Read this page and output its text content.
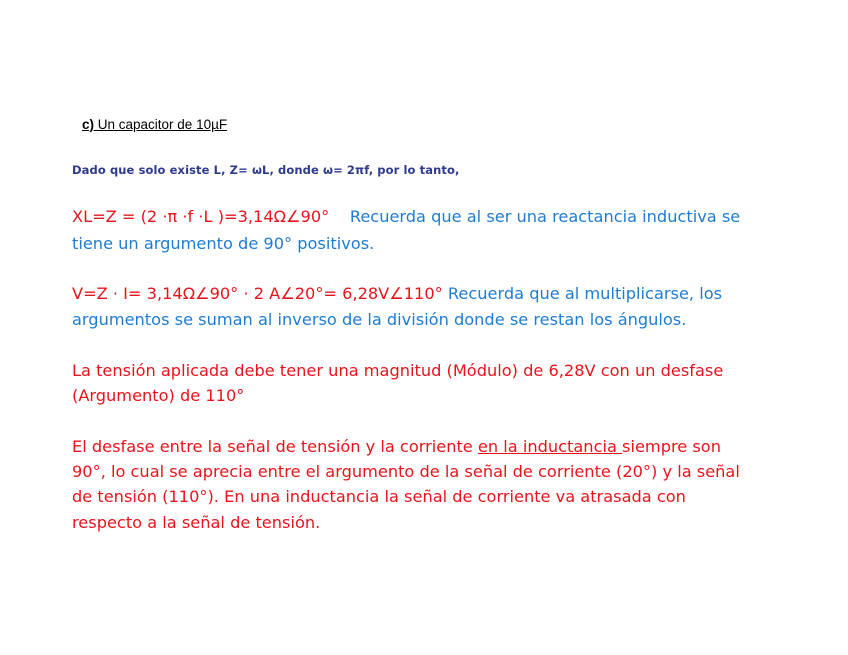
c) Un capacitor de 10µF

Dado que solo existe L, Z= ωL, donde ω= 2πf, por lo tanto,

XL=Z = (2 ·π ·f ·L )=3,14Ω∠90° Recuerda que al ser una reactancia inductiva se

tiene un argumento de 90° positivos.

V=Z · I= 3,14Ω∠90° · 2 A∠20°= 6,28V∠110° Recuerda que al multiplicarse, los

argumentos se suman al inverso de la división donde se restan los ángulos.

La tensión aplicada debe tener una magnitud (Módulo) de 6,28V con un desfase

(Argumento) de 110°

El desfase entre la señal de tensión y la corriente en la inductancia siempre son

90°, lo cual se aprecia entre el argumento de la señal de corriente (20°) y la señal

de tensión (110°). En una inductancia la señal de corriente va atrasada con

respecto a la señal de tensión.
